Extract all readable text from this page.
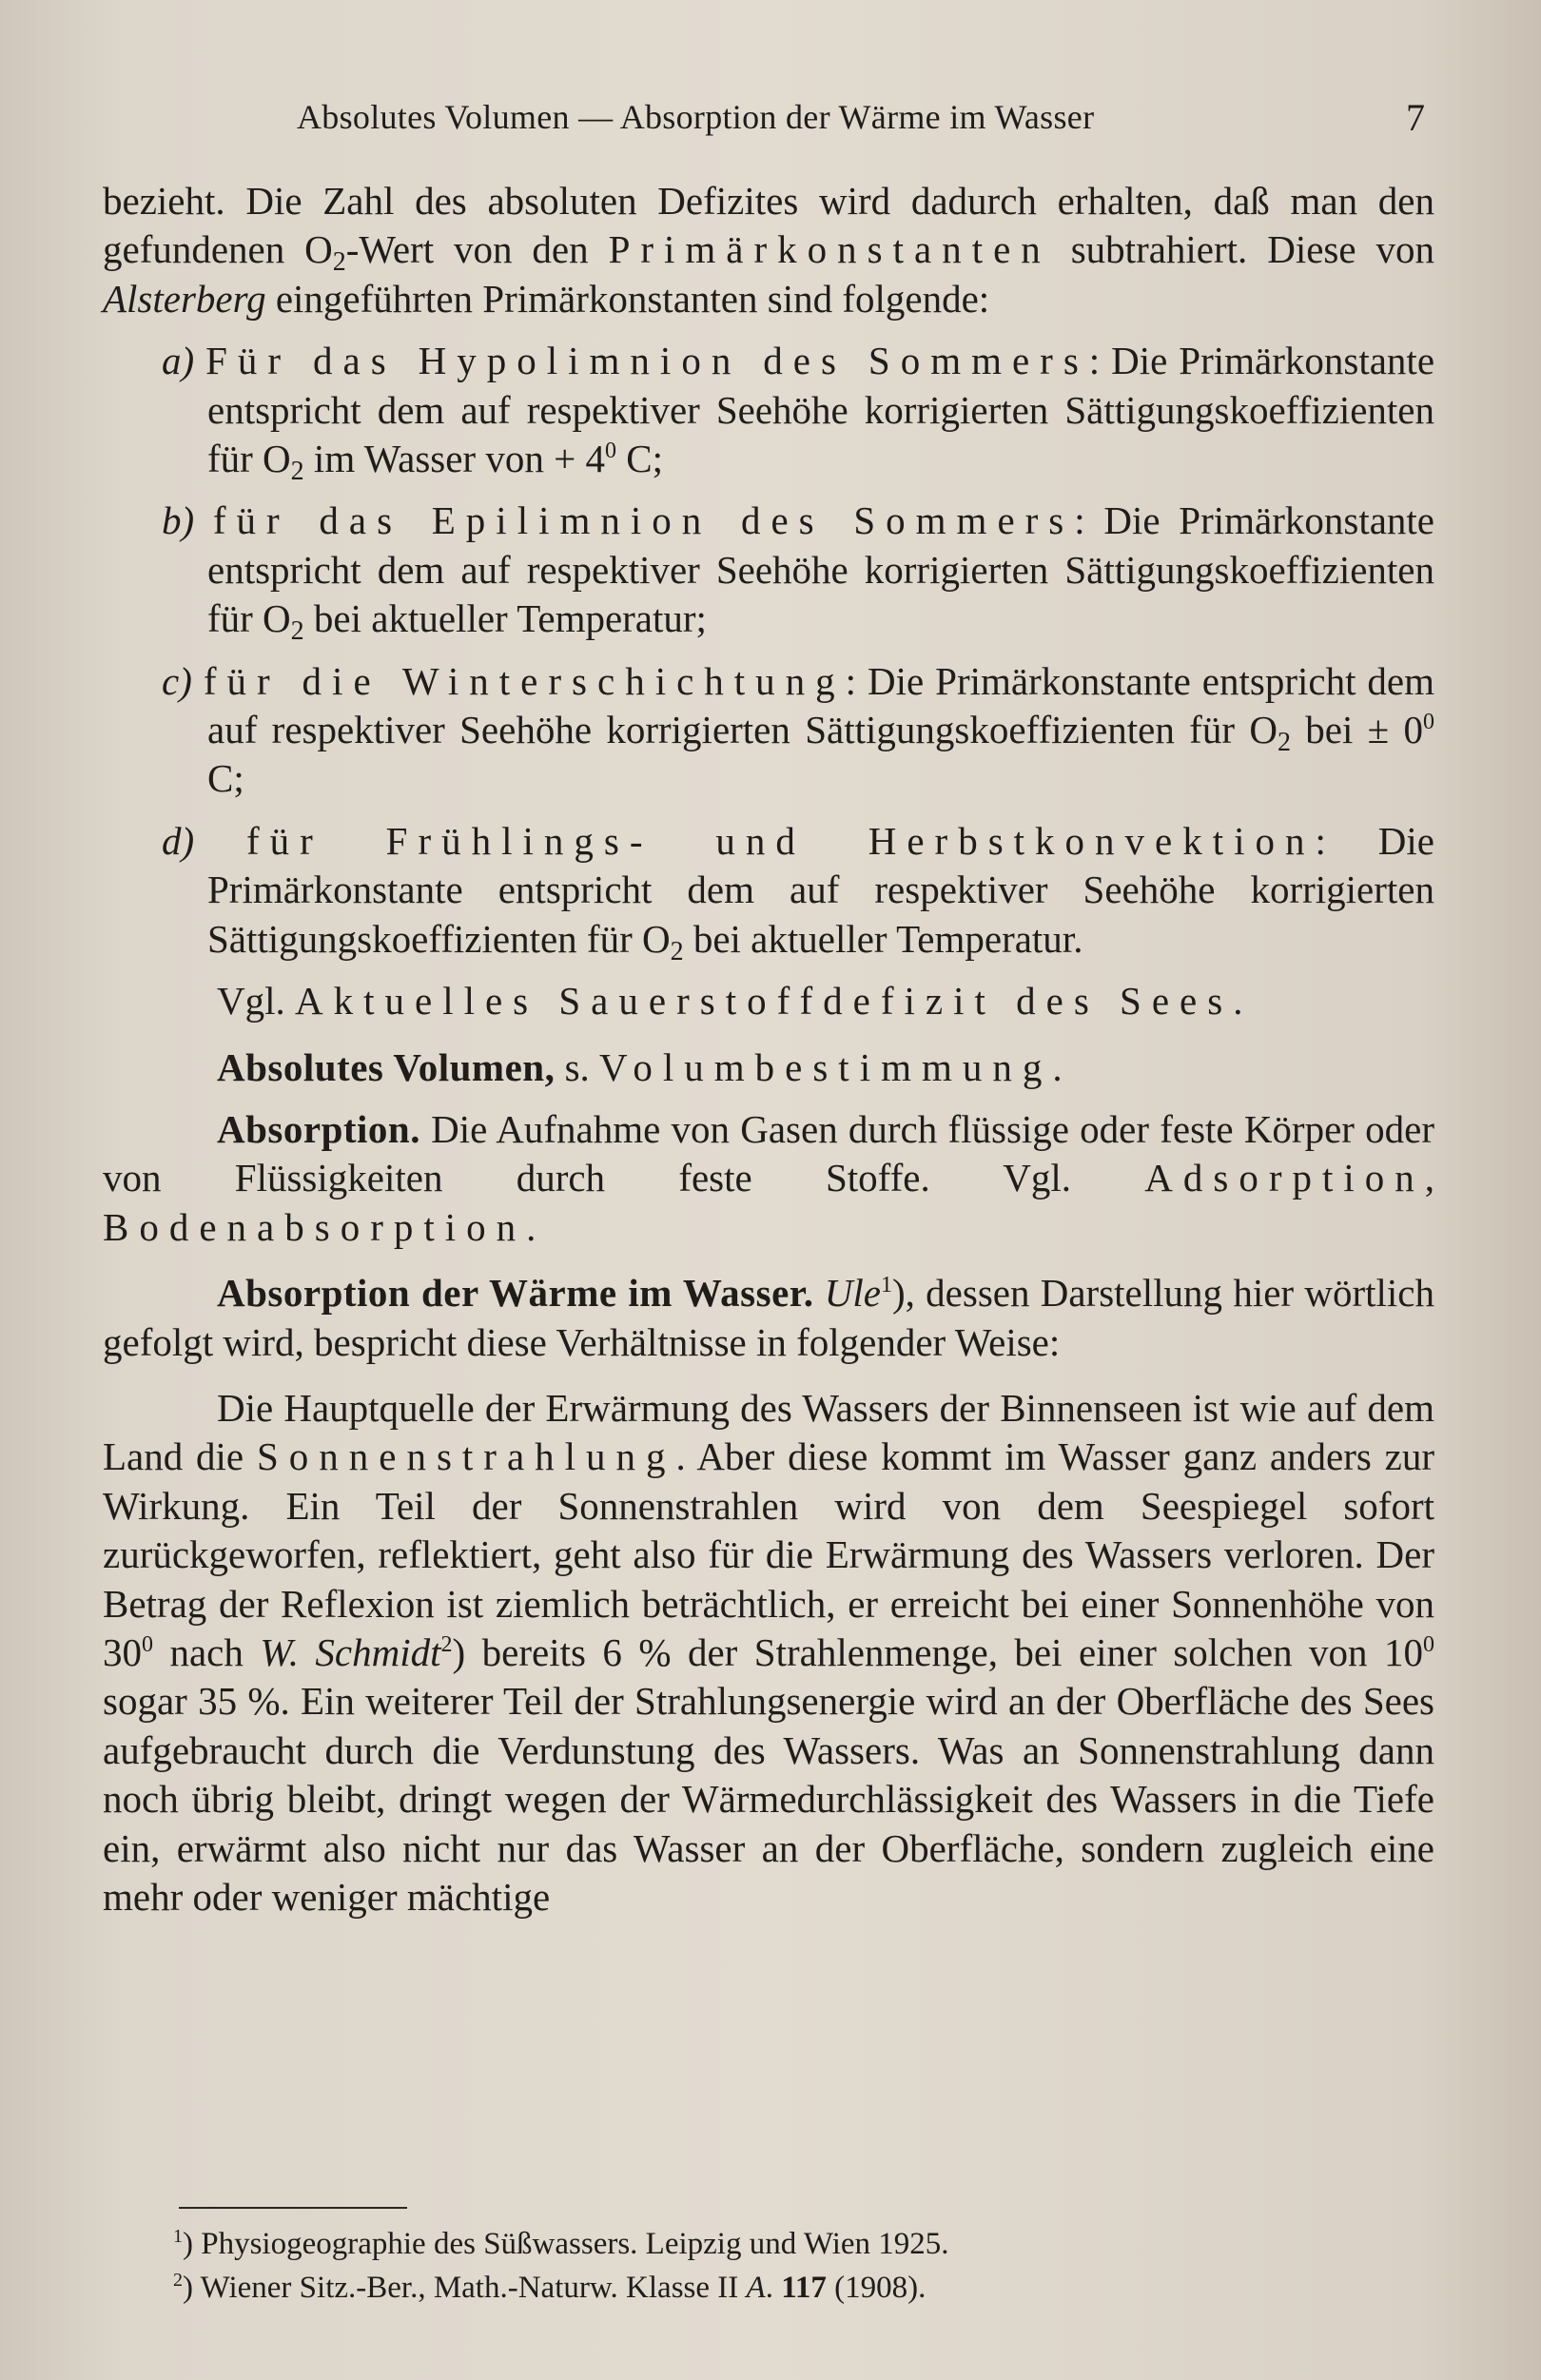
Absolutes Volumen — Absorption der Wärme im Wasser	7

bezieht. Die Zahl des absoluten Defizites wird dadurch erhalten, daß man den gefundenen $O_2$-Wert von den Primärkonstanten subtrahiert. Diese von Alsterberg eingeführten Primärkonstanten sind folgende:

a) Für das Hypolimnion des Sommers: Die Primärkonstante entspricht dem auf respektiver Seehöhe korrigierten Sättigungskoeffizienten für $O_2$ im Wasser von + $4^0$ C;

b) für das Epilimnion des Sommers: Die Primärkonstante entspricht dem auf respektiver Seehöhe korrigierten Sättigungskoeffizienten für $O_2$ bei aktueller Temperatur;

c) für die Winterschichtung: Die Primärkonstante entspricht dem auf respektiver Seehöhe korrigierten Sättigungskoeffizienten für $O_2$ bei ± $0^0$ C;

d) für Frühlings- und Herbstkonvektion: Die Primärkonstante entspricht dem auf respektiver Seehöhe korrigierten Sättigungskoeffizienten für $O_2$ bei aktueller Temperatur.

Vgl. Aktuelles Sauerstoffdefizit des Sees.

Absolutes Volumen, s. Volumbestimmung.

Absorption. Die Aufnahme von Gasen durch flüssige oder feste Körper oder von Flüssigkeiten durch feste Stoffe. Vgl. Adsorption, Bodenabsorption.

Absorption der Wärme im Wasser. Ule$^1$), dessen Darstellung hier wörtlich gefolgt wird, bespricht diese Verhältnisse in folgender Weise:

Die Hauptquelle der Erwärmung des Wassers der Binnenseen ist wie auf dem Land die Sonnenstrahlung. Aber diese kommt im Wasser ganz anders zur Wirkung. Ein Teil der Sonnenstrahlen wird von dem Seespiegel sofort zurückgeworfen, reflektiert, geht also für die Erwärmung des Wassers verloren. Der Betrag der Reflexion ist ziemlich beträchtlich, er erreicht bei einer Sonnenhöhe von $30^0$ nach W. Schmidt$^2$) bereits 6 % der Strahlenmenge, bei einer solchen von $10^0$ sogar 35 %. Ein weiterer Teil der Strahlungsenergie wird an der Oberfläche des Sees aufgebraucht durch die Verdunstung des Wassers. Was an Sonnenstrahlung dann noch übrig bleibt, dringt wegen der Wärmedurchlässigkeit des Wassers in die Tiefe ein, erwärmt also nicht nur das Wasser an der Oberfläche, sondern zugleich eine mehr oder weniger mächtige

$^1$) Physiogeographie des Süßwassers. Leipzig und Wien 1925.

$^2$) Wiener Sitz.-Ber., Math.-Naturw. Klasse II A. 117 (1908).
